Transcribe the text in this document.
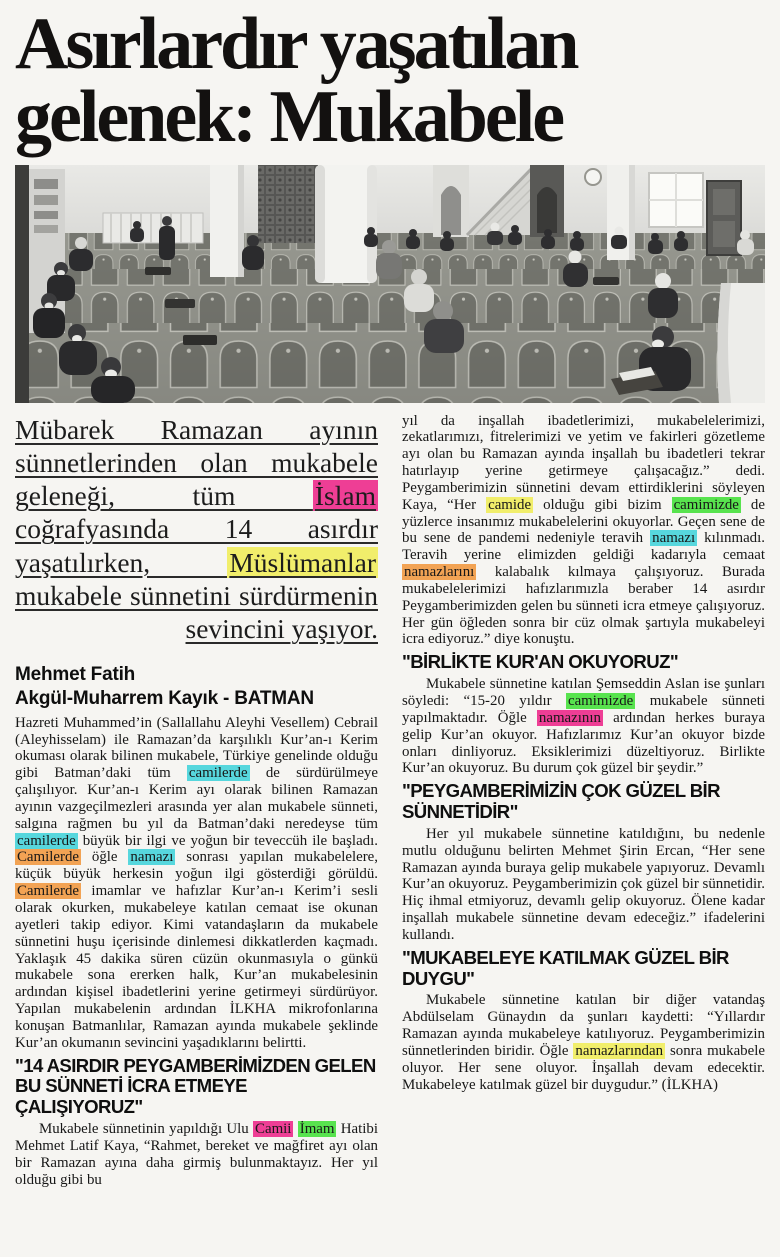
Asırlardır yaşatılan gelenek: Mukabele

Mübarek Ramazan ayının sünnetlerinden olan mukabele geleneği, tüm İslam coğrafyasında 14 asırdır yaşatılırken, Müslümanlar mukabele sünnetini sürdürmenin sevincini yaşıyor.

Mehmet Fatih
Akgül-Muharrem Kayık - BATMAN

Hazreti Muhammed’in (Sallallahu Aleyhi Vesellem) Cebrail (Aleyhisselam) ile Ramazan’da karşılıklı Kur’an-ı Kerim okuması olarak bilinen mukabele, Türkiye genelinde olduğu gibi Batman’daki tüm camilerde de sürdürülmeye çalışılıyor. Kur’an-ı Kerim ayı olarak bilinen Ramazan ayının vazgeçilmezleri arasında yer alan mukabele sünneti, salgına rağmen bu yıl da Batman’daki neredeyse tüm camilerde büyük bir ilgi ve yoğun bir teveccüh ile başladı. Camilerde öğle namazı sonrası yapılan mukabelelere, küçük büyük herkesin yoğun ilgi gösterdiği görüldü. Camilerde imamlar ve hafızlar Kur’an-ı Kerim’i sesli olarak okurken, mukabeleye katılan cemaat ise okunan ayetleri takip ediyor. Kimi vatandaşların da mukabele sünnetini huşu içerisinde dinlemesi dikkatlerden kaçmadı. Yaklaşık 45 dakika süren cüzün okunmasıyla o günkü mukabele sona ererken halk, Kur’an mukabelesinin ardından kişisel ibadetlerini yerine getirmeyi sürdürüyor. Yapılan mukabelenin ardından İLKHA mikrofonlarına konuşan Batmanlılar, Ramazan ayında mukabele şeklinde Kur’an okumanın sevincini yaşadıklarını belirtti.

"14 ASIRDIR PEYGAMBERİMİZDEN GELEN BU SÜNNETİ İCRA ETMEYE ÇALIŞIYORUZ"

Mukabele sünnetinin yapıldığı Ulu Camii İmam Hatibi Mehmet Latif Kaya, “Rahmet, bereket ve mağfiret ayı olan bir Ramazan ayına daha girmiş bulunmaktayız. Her yıl olduğu gibi bu

yıl da inşallah ibadetlerimizi, mukabelelerimizi, zekatlarımızı, fitrelerimizi ve yetim ve fakirleri gözetleme ayı olan bu Ramazan ayında inşallah bu ibadetleri tekrar hatırlayıp yerine getirmeye çalışacağız.” dedi. Peygamberimizin sünnetini devam ettirdiklerini söyleyen Kaya, “Her camide olduğu gibi bizim camimizde de yüzlerce insanımız mukabelelerini okuyorlar. Geçen sene de bu sene de pandemi nedeniyle teravih namazı kılınmadı. Teravih yerine elimizden geldiği kadarıyla cemaat namazlarını kalabalık kılmaya çalışıyoruz. Burada mukabelelerimizi hafızlarımızla beraber 14 asırdır Peygamberimizden gelen bu sünneti icra etmeye çalışıyoruz. Her gün öğleden sonra bir cüz olmak şartıyla mukabeleyi icra ediyoruz.” diye konuştu.

"BİRLİKTE KUR'AN OKUYORUZ"

Mukabele sünnetine katılan Şemseddin Aslan ise şunları söyledi: “15-20 yıldır camimizde mukabele sünneti yapılmaktadır. Öğle namazının ardından herkes buraya gelip Kur’an okuyor. Hafızlarımız Kur’an okuyor bizde onları dinliyoruz. Eksiklerimizi düzeltiyoruz. Birlikte Kur’an okuyoruz. Bu durum çok güzel bir şeydir.”

"PEYGAMBERİMİZİN ÇOK GÜZEL BİR SÜNNETİDİR"

Her yıl mukabele sünnetine katıldığını, bu nedenle mutlu olduğunu belirten Mehmet Şirin Ercan, “Her sene Ramazan ayında buraya gelip mukabele yapıyoruz. Devamlı Kur’an okuyoruz. Peygamberimizin çok güzel bir sünnetidir. Hiç ihmal etmiyoruz, devamlı gelip okuyoruz. Ölene kadar inşallah mukabele sünnetine devam edeceğiz.” ifadelerini kullandı.

"MUKABELEYE KATILMAK GÜZEL BİR DUYGU"

Mukabele sünnetine katılan bir diğer vatandaş Abdülselam Günaydın da şunları kaydetti: “Yıllardır Ramazan ayında mukabeleye katılıyoruz. Peygamberimizin sünnetlerinden biridir. Öğle namazlarından sonra mukabele oluyor. Her sene oluyor. İnşallah devam edecektir. Mukabeleye katılmak güzel bir duygudur.” (İLKHA)
